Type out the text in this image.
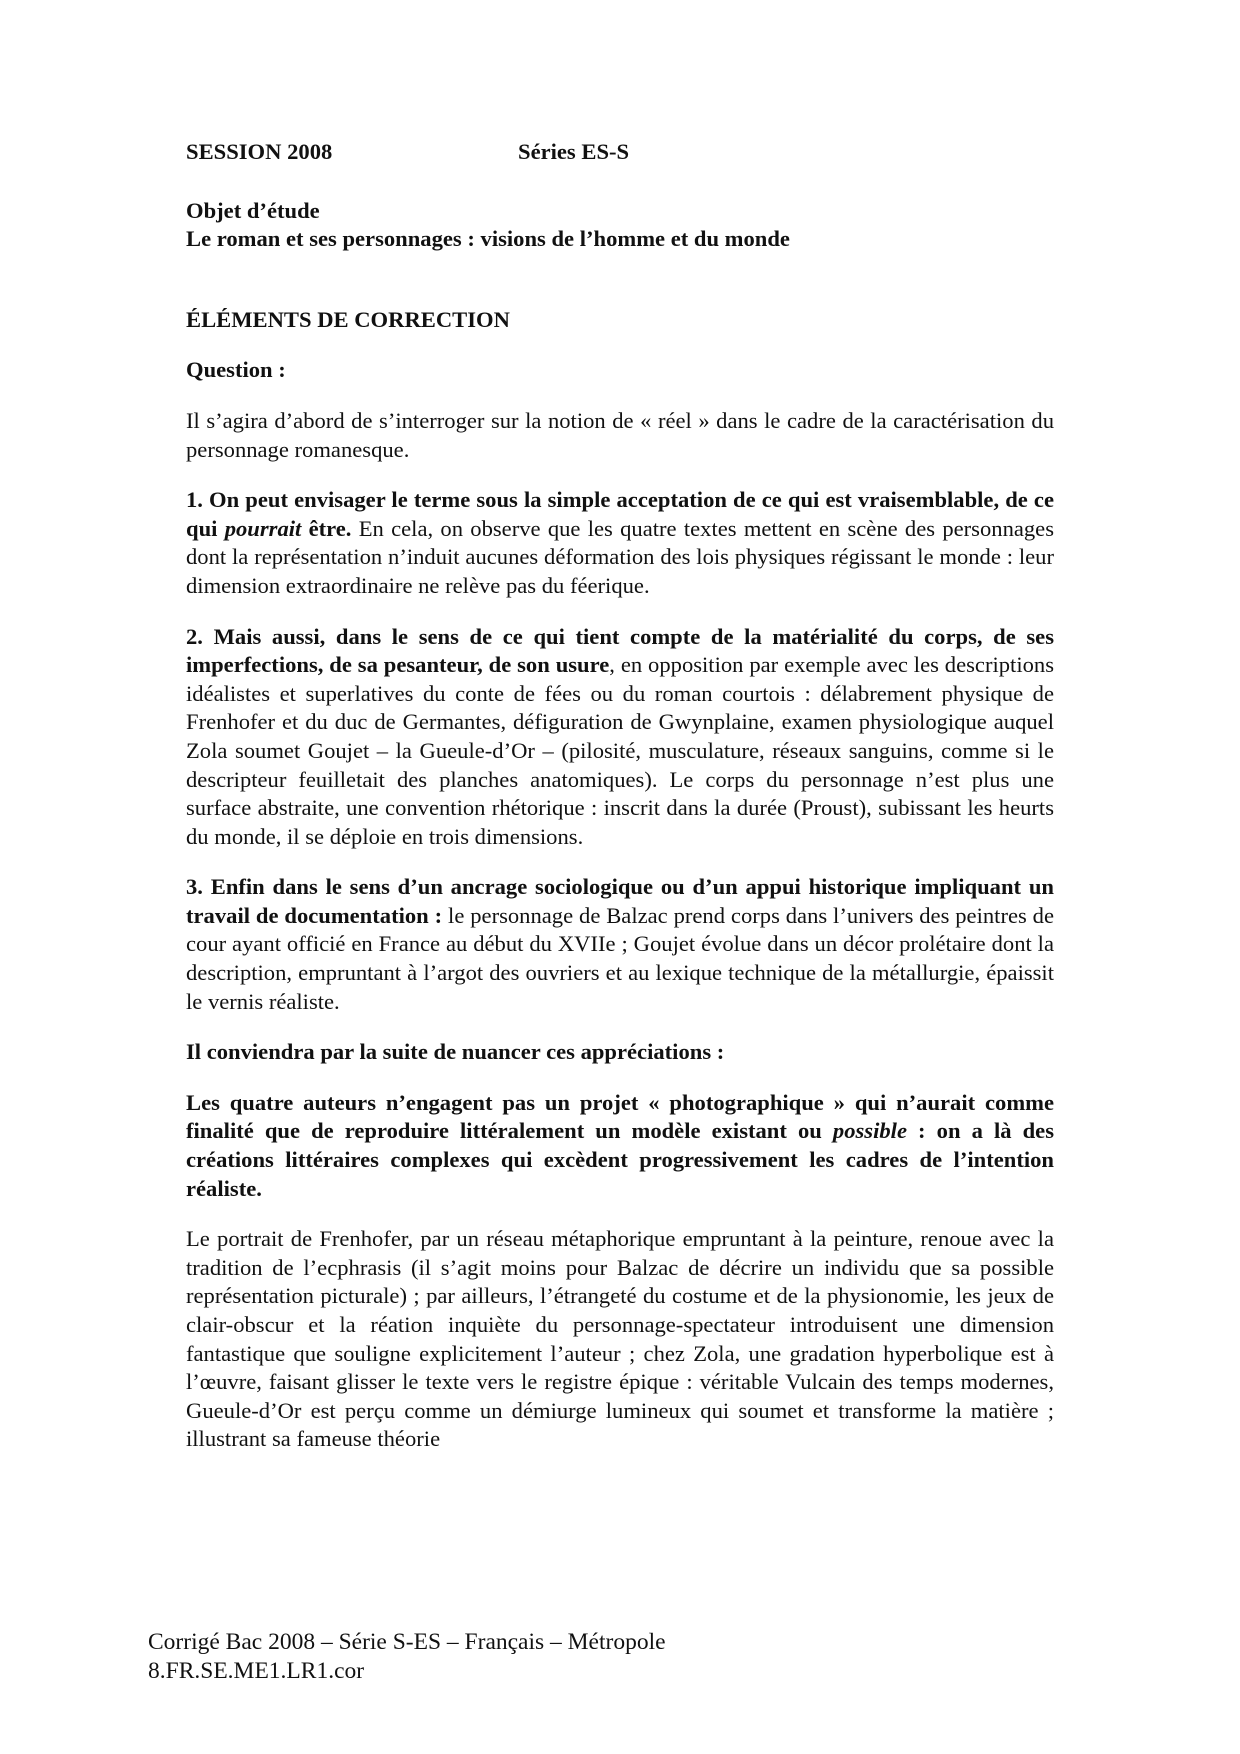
SESSION 2008	Séries ES-S

Objet d’étude

Le roman et ses personnages : visions de l’homme et du monde

ÉLÉMENTS DE CORRECTION

Question :

Il s’agira d’abord de s’interroger sur la notion de « réel » dans le cadre de la caractérisation du personnage romanesque.

1. On peut envisager le terme sous la simple acceptation de ce qui est vraisemblable, de ce qui pourrait être. En cela, on observe que les quatre textes mettent en scène des personnages dont la représentation n’induit aucunes déformation des lois physiques régissant le monde : leur dimension extraordinaire ne relève pas du féerique.

2. Mais aussi, dans le sens de ce qui tient compte de la matérialité du corps, de ses imperfections, de sa pesanteur, de son usure, en opposition par exemple avec les descriptions idéalistes et superlatives du conte de fées ou du roman courtois : délabrement physique de Frenhofer et du duc de Germantes, défiguration de Gwynplaine, examen physiologique auquel Zola soumet Goujet – la Gueule-d’Or – (pilosité, musculature, réseaux sanguins, comme si le descripteur feuilletait des planches anatomiques). Le corps du personnage n’est plus une surface abstraite, une convention rhétorique : inscrit dans la durée (Proust), subissant les heurts du monde, il se déploie en trois dimensions.

3. Enfin dans le sens d’un ancrage sociologique ou d’un appui historique impliquant un travail de documentation : le personnage de Balzac prend corps dans l’univers des peintres de cour ayant officié en France au début du XVIIe ; Goujet évolue dans un décor prolétaire dont la description, empruntant à l’argot des ouvriers et au lexique technique de la métallurgie, épaissit le vernis réaliste.

Il conviendra par la suite de nuancer ces appréciations :

Les quatre auteurs n’engagent pas un projet « photographique » qui n’aurait comme finalité que de reproduire littéralement un modèle existant ou possible : on a là des créations littéraires complexes qui excèdent progressivement les cadres de l’intention réaliste.

Le portrait de Frenhofer, par un réseau métaphorique empruntant à la peinture, renoue avec la tradition de l’ecphrasis (il s’agit moins pour Balzac de décrire un individu que sa possible représentation picturale) ; par ailleurs, l’étrangeté du costume et de la physionomie, les jeux de clair-obscur et la réation inquiète du personnage-spectateur introduisent une dimension fantastique que souligne explicitement l’auteur ; chez Zola, une gradation hyperbolique est à l’œuvre, faisant glisser le texte vers le registre épique : véritable Vulcain des temps modernes, Gueule-d’Or est perçu comme un démiurge lumineux qui soumet et transforme la matière ; illustrant sa fameuse théorie

Corrigé Bac 2008 – Série S-ES – Français – Métropole
8.FR.SE.ME1.LR1.cor
